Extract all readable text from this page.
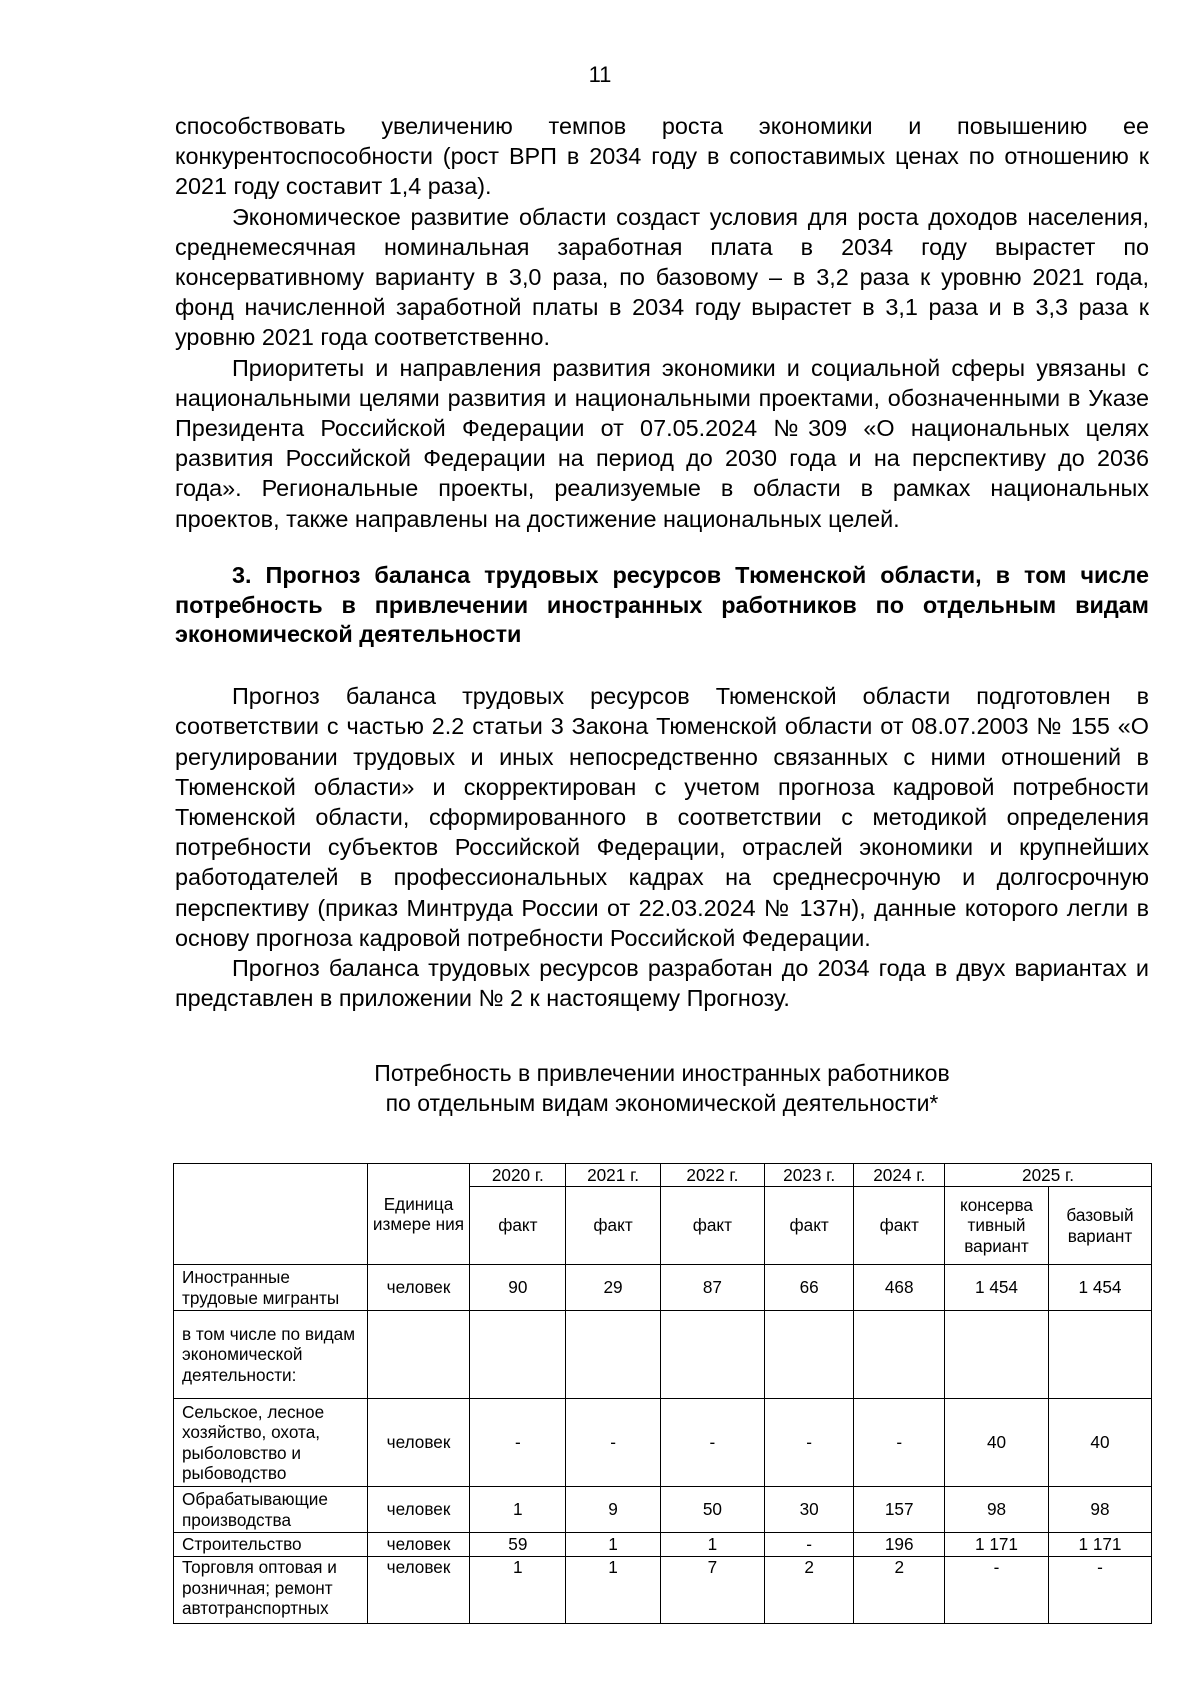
11

способствовать увеличению темпов роста экономики и повышению ее конкурентоспособности (рост ВРП в 2034 году в сопоставимых ценах по отношению к 2021 году составит 1,4 раза).

Экономическое развитие области создаст условия для роста доходов населения, среднемесячная номинальная заработная плата в 2034 году вырастет по консервативному варианту в 3,0 раза, по базовому – в 3,2 раза к уровню 2021 года, фонд начисленной заработной платы в 2034 году вырастет в 3,1 раза и в 3,3 раза к уровню 2021 года соответственно.

Приоритеты и направления развития экономики и социальной сферы увязаны с национальными целями развития и национальными проектами, обозначенными в Указе Президента Российской Федерации от 07.05.2024 №309 «О национальных целях развития Российской Федерации на период до 2030 года и на перспективу до 2036 года». Региональные проекты, реализуемые в области в рамках национальных проектов, также направлены на достижение национальных целей.

3. Прогноз баланса трудовых ресурсов Тюменской области, в том числе потребность в привлечении иностранных работников по отдельным видам экономической деятельности

Прогноз баланса трудовых ресурсов Тюменской области подготовлен в соответствии с частью 2.2 статьи 3 Закона Тюменской области от 08.07.2003 № 155 «О регулировании трудовых и иных непосредственно связанных с ними отношений в Тюменской области» и скорректирован с учетом прогноза кадровой потребности Тюменской области, сформированного в соответствии с методикой определения потребности субъектов Российской Федерации, отраслей экономики и крупнейших работодателей в профессиональных кадрах на среднесрочную и долгосрочную перспективу (приказ Минтруда России от 22.03.2024 № 137н), данные которого легли в основу прогноза кадровой потребности Российской Федерации.

Прогноз баланса трудовых ресурсов разработан до 2034 года в двух вариантах и представлен в приложении № 2 к настоящему Прогнозу.

Потребность в привлечении иностранных работников
по отдельным видам экономической деятельности*

	Единица измере ния	2020 г.	2021 г.	2022 г.	2023 г.	2024 г.	2025 г.	
		факт	факт	факт	факт	факт	консерва тивный вариант	базовый вариант
Иностранные трудовые мигранты	человек	90	29	87	66	468	1 454	1 454
в том числе по видам экономической деятельности:								
Сельское, лесное хозяйство, охота, рыболовство и рыбоводство	человек	-	-	-	-	-	40	40
Обрабатывающие производства	человек	1	9	50	30	157	98	98
Строительство	человек	59	1	1	-	196	1 171	1 171
Торговля оптовая и розничная; ремонт автотранспортных	человек	1	1	7	2	2	-	-
